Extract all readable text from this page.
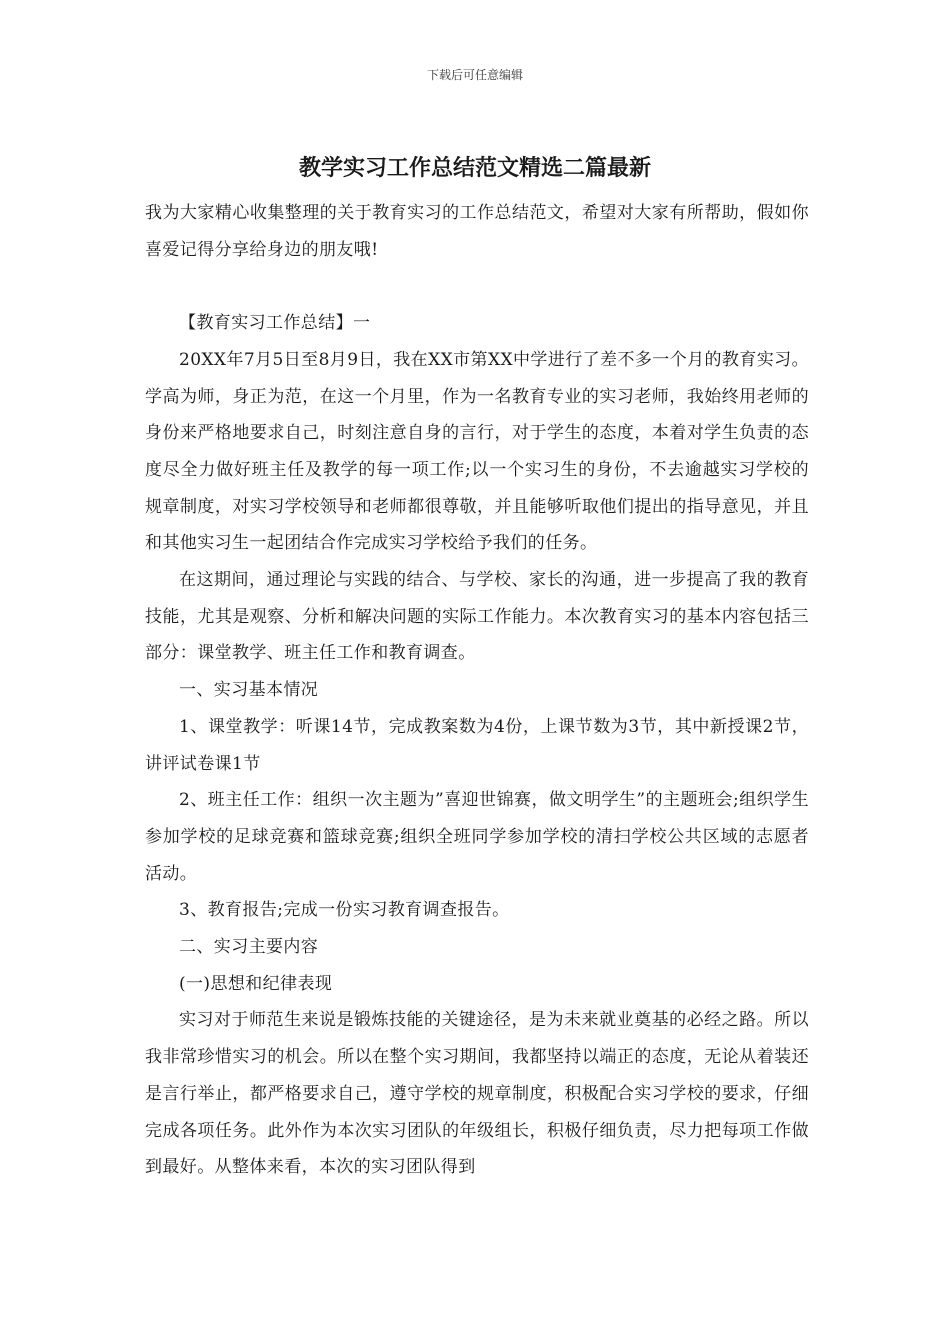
下载后可任意编辑
教学实习工作总结范文精选二篇最新

我为大家精心收集整理的关于教育实习的工作总结范文，希望对大家有所帮助，假如你喜爱记得分享给身边的朋友哦!

【教育实习工作总结】一

20XX年7月5日至8月9日，我在XX市第XX中学进行了差不多一个月的教育实习。学高为师，身正为范，在这一个月里，作为一名教育专业的实习老师，我始终用老师的身份来严格地要求自己，时刻注意自身的言行，对于学生的态度，本着对学生负责的态度尽全力做好班主任及教学的每一项工作;以一个实习生的身份，不去逾越实习学校的规章制度，对实习学校领导和老师都很尊敬，并且能够听取他们提出的指导意见，并且和其他实习生一起团结合作完成实习学校给予我们的任务。

在这期间，通过理论与实践的结合、与学校、家长的沟通，进一步提高了我的教育技能，尤其是观察、分析和解决问题的实际工作能力。本次教育实习的基本内容包括三部分：课堂教学、班主任工作和教育调查。

一、实习基本情况

1、课堂教学：听课14节，完成教案数为4份，上课节数为3节，其中新授课2节，讲评试卷课1节

2、班主任工作：组织一次主题为”喜迎世锦赛，做文明学生”的主题班会;组织学生参加学校的足球竞赛和篮球竞赛;组织全班同学参加学校的清扫学校公共区域的志愿者活动。

3、教育报告;完成一份实习教育调查报告。

二、实习主要内容

(一)思想和纪律表现

实习对于师范生来说是锻炼技能的关键途径，是为未来就业奠基的必经之路。所以我非常珍惜实习的机会。所以在整个实习期间，我都坚持以端正的态度，无论从着装还是言行举止，都严格要求自己，遵守学校的规章制度，积极配合实习学校的要求，仔细完成各项任务。此外作为本次实习团队的年级组长，积极仔细负责，尽力把每项工作做到最好。从整体来看，本次的实习团队得到
